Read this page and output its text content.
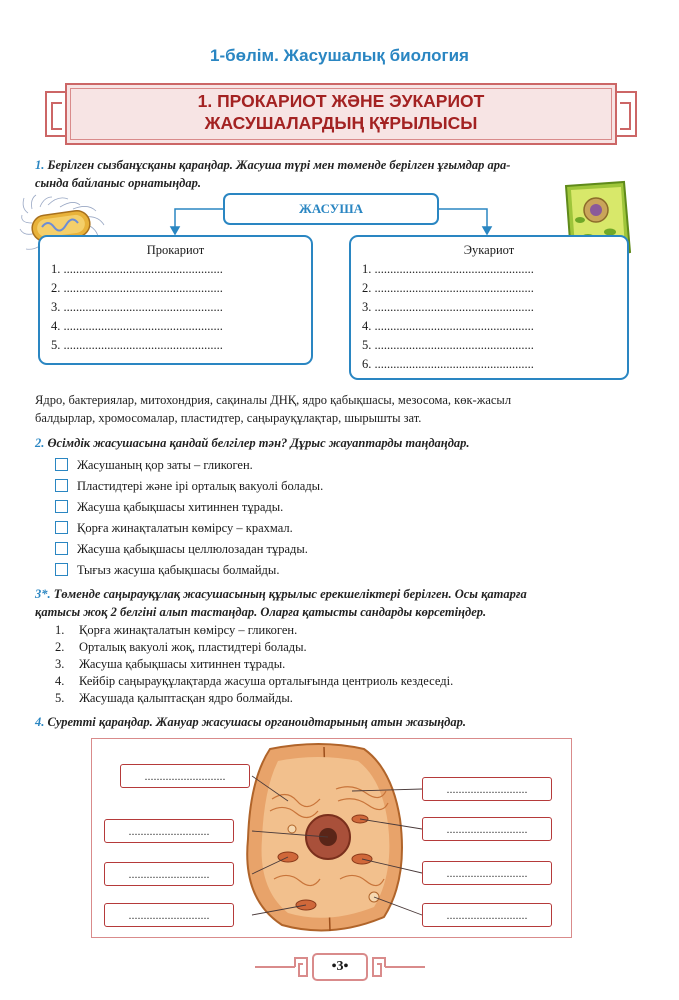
1-бөлім. Жасушалық биология
1. ПРОКАРИОТ ЖӘНЕ ЭУКАРИОТ
ЖАСУШАЛАРДЫҢ ҚҰРЫЛЫСЫ
1. Берілген сызбанұсқаны қараңдар. Жасуша түрі мен төменде берілген ұғымдар ара-
сында байланыс орнатыңдар.
ЖАСУША
Прокариот
1. ...................................................
2. ...................................................
3. ...................................................
4. ...................................................
5. ...................................................
Эукариот
1. ...................................................
2. ...................................................
3. ...................................................
4. ...................................................
5. ...................................................
6. ...................................................
Ядро, бактериялар, митохондрия, сақиналы ДНҚ, ядро қабықшасы, мезосома, көк-жасыл
балдырлар, хромосомалар, пластидтер, саңырауқұлақтар, шырышты зат.
2. Өсімдік жасушасына қандай белгілер тән? Дұрыс жауаптарды таңдаңдар.
Жасушаның қор заты – гликоген.
Пластидтері және ірі орталық вакуолі болады.
Жасуша қабықшасы хитиннен тұрады.
Қорға жинақталатын көмірсу – крахмал.
Жасуша қабықшасы целлюлозадан тұрады.
Тығыз жасуша қабықшасы болмайды.
3*. Төменде саңырауқұлақ жасушасының құрылыс ерекшеліктері берілген. Осы қатарға
қатысы жоқ 2 белгіні алып тастаңдар. Оларға қатысты сандарды көрсетіңдер.
1. Қорға жинақталатын көмірсу – гликоген.
2. Орталық вакуолі жоқ, пластидтері болады.
3. Жасуша қабықшасы хитиннен тұрады.
4. Кейбір саңырауқұлақтарда жасуша орталығында центриоль кездеседі.
5. Жасушада қалыптасқан ядро болмайды.
4. Суретті қараңдар. Жануар жасушасы органоидтарының атын жазыңдар.
...........................
...........................
...........................
...........................
...........................
...........................
...........................
...........................
•3•
